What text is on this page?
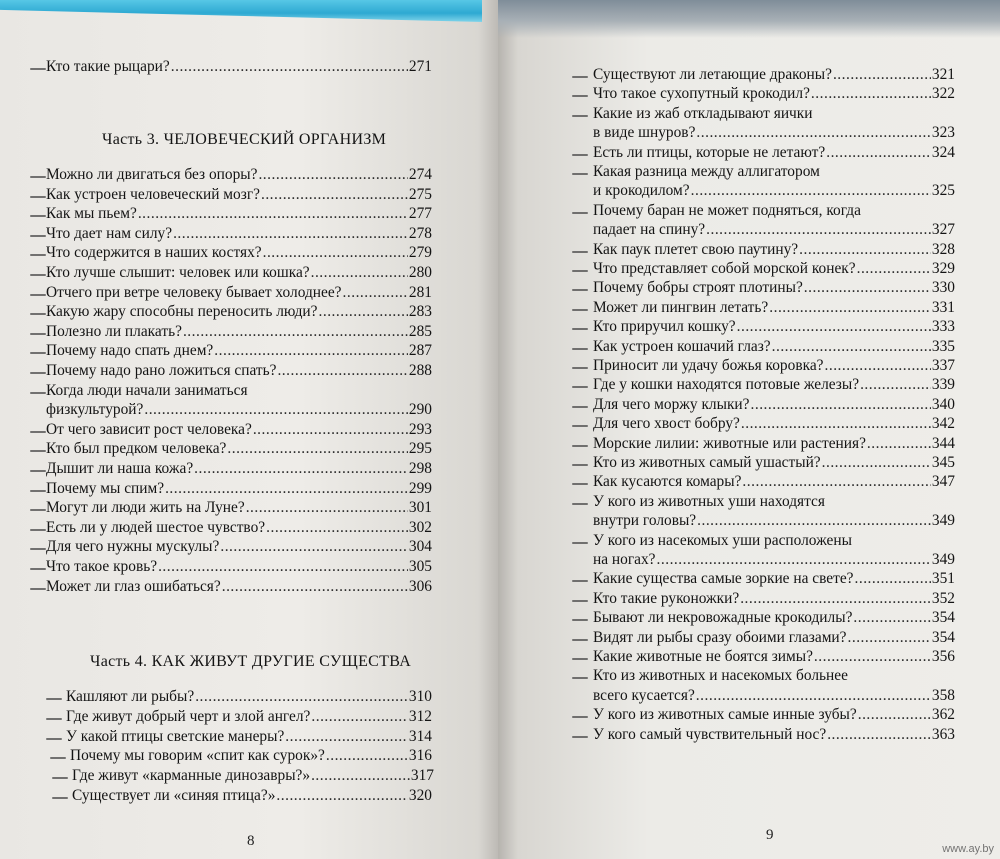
Кто такие рыцари? .....	271
Часть 3. ЧЕЛОВЕЧЕСКИЙ ОРГАНИЗМ
Можно ли двигаться без опоры? .....	274
Как устроен человеческий мозг? .....	275
Как мы пьем? .....	277
Что дает нам силу? .....	278
Что содержится в наших костях? .....	279
Кто лучше слышит: человек или кошка? .....	280
Отчего при ветре человеку бывает холоднее? .....	281
Какую жару способны переносить люди? .....	283
Полезно ли плакать? .....	285
Почему надо спать днем? .....	287
Почему надо рано ложиться спать? .....	288
Когда люди начали заниматься
физкультурой? .....	290
От чего зависит рост человека? .....	293
Кто был предком человека? .....	295
Дышит ли наша кожа? .....	298
Почему мы спим? .....	299
Могут ли люди жить на Луне? .....	301
Есть ли у людей шестое чувство? .....	302
Для чего нужны мускулы? .....	304
Что такое кровь? .....	305
Может ли глаз ошибаться? .....	306
Часть 4. КАК ЖИВУТ ДРУГИЕ СУЩЕСТВА
Кашляют ли рыбы? .....	310
Где живут добрый черт и злой ангел? .....	312
У какой птицы светские манеры? .....	314
Почему мы говорим «спит как сурок»? .....	316
Где живут «карманные динозавры?» .....	317
Существует ли «синяя птица?» .....	320
8
Существуют ли летающие драконы? .....	321
Что такое сухопутный крокодил? .....	322
Какие из жаб откладывают яички
в виде шнуров? .....	323
Есть ли птицы, которые не летают? .....	324
Какая разница между аллигатором
и крокодилом? .....	325
Почему баран не может подняться, когда
падает на спину? .....	327
Как паук плетет свою паутину? .....	328
Что представляет собой морской конек? .....	329
Почему бобры строят плотины? .....	330
Может ли пингвин летать? .....	331
Кто приручил кошку? .....	333
Как устроен кошачий глаз? .....	335
Приносит ли удачу божья коровка? .....	337
Где у кошки находятся потовые железы? .....	339
Для чего моржу клыки? .....	340
Для чего хвост бобру? .....	342
Морские лилии: животные или растения? .....	344
Кто из животных самый ушастый? .....	345
Как кусаются комары? .....	347
У кого из животных уши находятся
внутри головы? .....	349
У кого из насекомых уши расположены
на ногах? .....	349
Какие существа самые зоркие на свете? .....	351
Кто такие руконожки? .....	352
Бывают ли некровожадные крокодилы? .....	354
Видят ли рыбы сразу обоими глазами? .....	354
Какие животные не боятся зимы? .....	356
Кто из животных и насекомых больнее
всего кусается? .....	358
У кого из животных самые инные зубы? .....	362
У кого самый чувствительный нос? .....	363
9
www.ay.by
